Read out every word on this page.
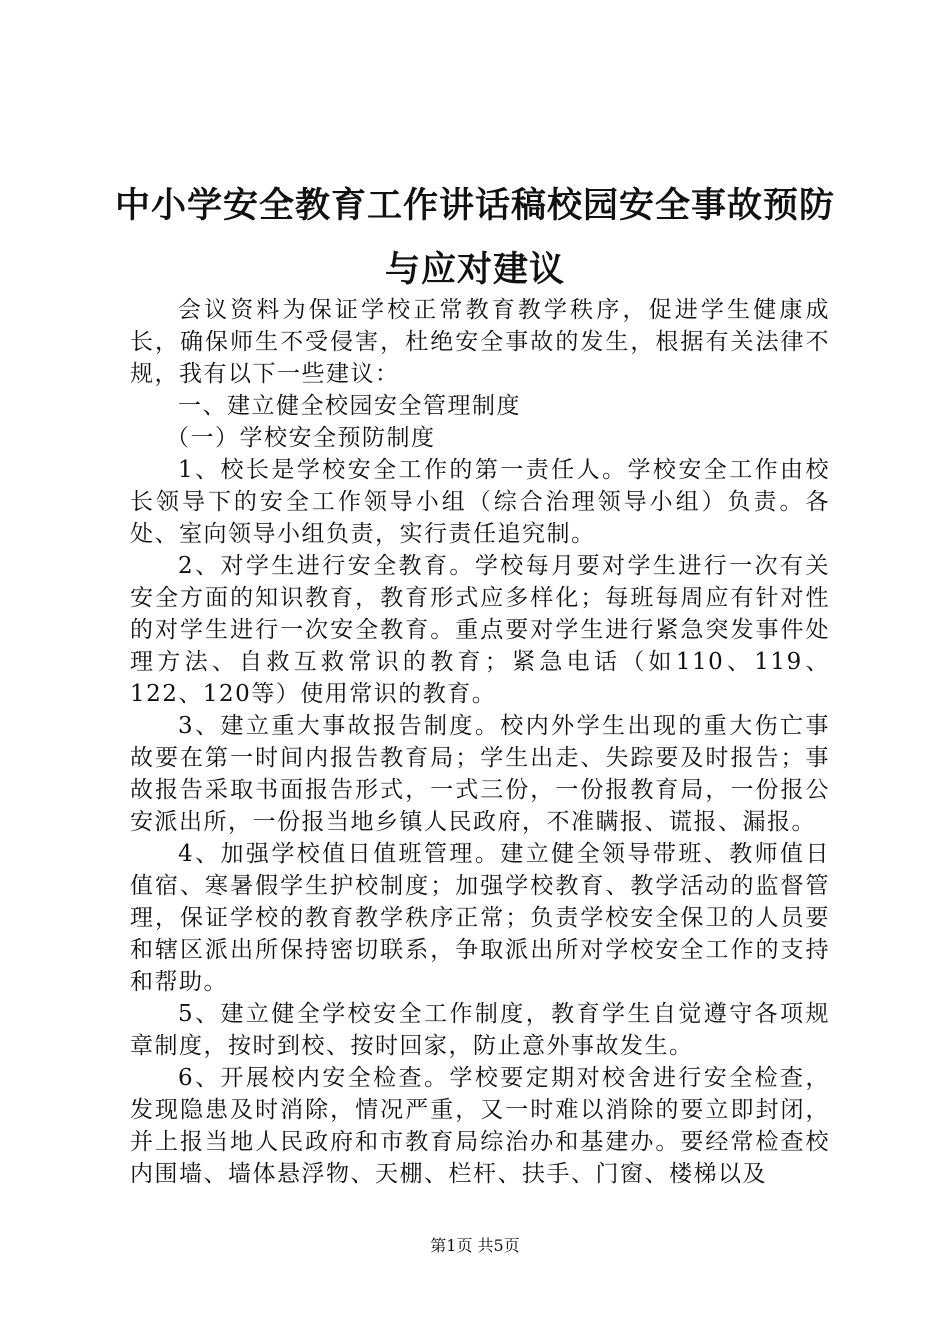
中小学安全教育工作讲话稿校园安全事故预防
与应对建议

会议资料为保证学校正常教育教学秩序，促进学生健康成长，确保师生不受侵害，杜绝安全事故的发生，根据有关法律不规，我有以下一些建议：

一、建立健全校园安全管理制度

（一）学校安全预防制度

1、校长是学校安全工作的第一责任人。学校安全工作由校长领导下的安全工作领导小组（综合治理领导小组）负责。各处、室向领导小组负责，实行责任追究制。

2、对学生进行安全教育。学校每月要对学生进行一次有关安全方面的知识教育，教育形式应多样化；每班每周应有针对性的对学生进行一次安全教育。重点要对学生进行紧急突发事件处理方法、自救互救常识的教育；紧急电话（如110、119、122、120等）使用常识的教育。

3、建立重大事故报告制度。校内外学生出现的重大伤亡事故要在第一时间内报告教育局；学生出走、失踪要及时报告；事故报告采取书面报告形式，一式三份，一份报教育局，一份报公安派出所，一份报当地乡镇人民政府，不准瞒报、谎报、漏报。

4、加强学校值日值班管理。建立健全领导带班、教师值日值宿、寒暑假学生护校制度；加强学校教育、教学活动的监督管理，保证学校的教育教学秩序正常；负责学校安全保卫的人员要和辖区派出所保持密切联系，争取派出所对学校安全工作的支持和帮助。

5、建立健全学校安全工作制度，教育学生自觉遵守各项规章制度，按时到校、按时回家，防止意外事故发生。

6、开展校内安全检查。学校要定期对校舍进行安全检查，发现隐患及时消除，情况严重，又一时难以消除的要立即封闭，并上报当地人民政府和市教育局综治办和基建办。要经常检查校内围墙、墙体悬浮物、天棚、栏杆、扶手、门窗、楼梯以及

第1页 共5页
